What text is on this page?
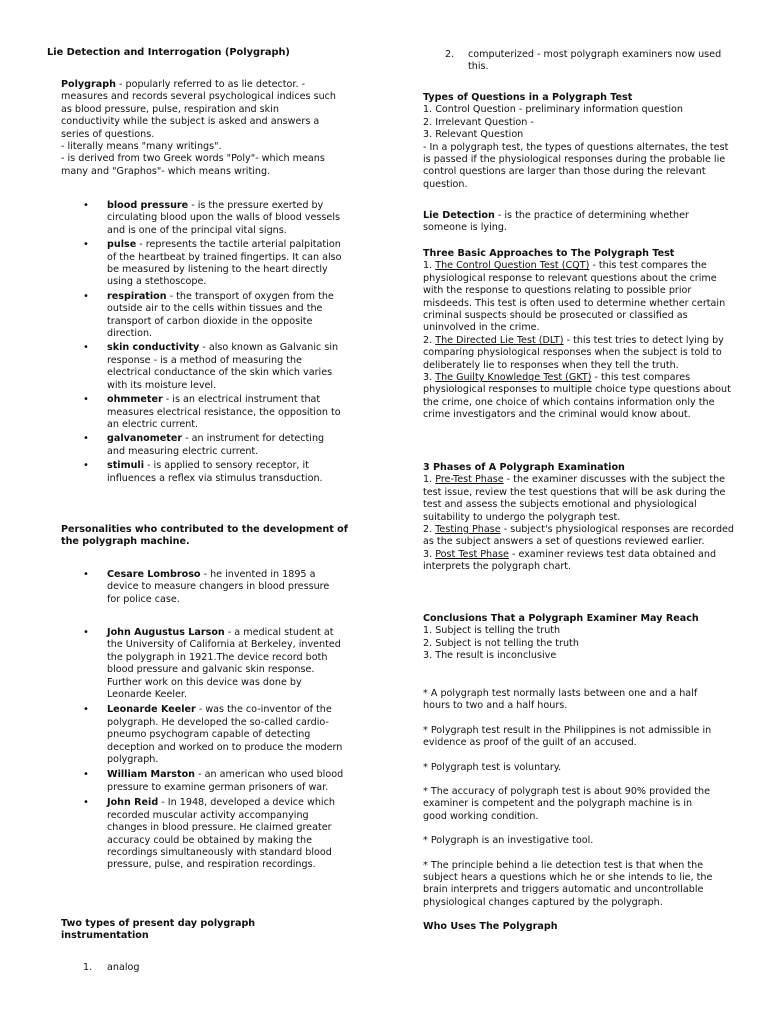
Lie Detection and Interrogation (Polygraph)

Polygraph - popularly referred to as lie detector. - measures and records several psychological indices such as blood pressure, pulse, respiration and skin conductivity while the subject is asked and answers a series of questions.

- literally means "many writings".

- is derived from two Greek words "Poly"- which means many and "Graphos"- which means writing.

• blood pressure - is the pressure exerted by circulating blood upon the walls of blood vessels and is one of the principal vital signs.
• pulse - represents the tactile arterial palpitation of the heartbeat by trained fingertips. It can also be measured by listening to the heart directly using a stethoscope.
• respiration - the transport of oxygen from the outside air to the cells within tissues and the transport of carbon dioxide in the opposite direction.
• skin conductivity - also known as Galvanic sin response - is a method of measuring the electrical conductance of the skin which varies with its moisture level.
• ohmmeter - is an electrical instrument that measures electrical resistance, the opposition to an electric current.
• galvanometer - an instrument for detecting and measuring electric current.
• stimuli - is applied to sensory receptor, it influences a reflex via stimulus transduction.
Personalities who contributed to the development of the polygraph machine.
• Cesare Lombroso - he invented in 1895 a device to measure changers in blood pressure for police case.
• John Augustus Larson - a medical student at the University of California at Berkeley, invented the polygraph in 1921.The device record both blood pressure and galvanic skin response. Further work on this device was done by Leonarde Keeler.
• Leonarde Keeler - was the co-inventor of the polygraph. He developed the so-called cardio-pneumo psychogram capable of detecting deception and worked on to produce the modern polygraph.
• William Marston - an american who used blood pressure to examine german prisoners of war.
• John Reid - In 1948, developed a device which recorded muscular activity accompanying changes in blood pressure. He claimed greater accuracy could be obtained by making the recordings simultaneously with standard blood pressure, pulse, and respiration recordings.
Two types of present day polygraph instrumentation
1. analog
2. computerized - most polygraph examiners now used this.

Types of Questions in a Polygraph Test

1. Control Question - preliminary information question

2. Irrelevant Question -

3. Relevant Question

- In a polygraph test, the types of questions alternates, the test is passed if the physiological responses during the probable lie control questions are larger than those during the relevant question.

Lie Detection - is the practice of determining whether someone is lying.

Three Basic Approaches to The Polygraph Test

1. The Control Question Test (CQT) - this test compares the physiological response to relevant questions about the crime with the response to questions relating to possible prior misdeeds. This test is often used to determine whether certain criminal suspects should be prosecuted or classified as uninvolved in the crime.

2. The Directed Lie Test (DLT) - this test tries to detect lying by comparing physiological responses when the subject is told to deliberately lie to responses when they tell the truth.

3. The Guilty Knowledge Test (GKT) - this test compares physiological responses to multiple choice type questions about the crime, one choice of which contains information only the crime investigators and the criminal would know about.

3 Phases of A Polygraph Examination

1. Pre-Test Phase - the examiner discusses with the subject the test issue, review the test questions that will be ask during the test and assess the subjects emotional and physiological suitability to undergo the polygraph test.

2. Testing Phase - subject's physiological responses are recorded as the subject answers a set of questions reviewed earlier.

3. Post Test Phase - examiner reviews test data obtained and interprets the polygraph chart.

Conclusions That a Polygraph Examiner May Reach

1. Subject is telling the truth

2. Subject is not telling the truth

3. The result is inconclusive

* A polygraph test normally lasts between one and a half hours to two and a half hours.

* Polygraph test result in the Philippines is not admissible in evidence as proof of the guilt of an accused.

* Polygraph test is voluntary.

* The accuracy of polygraph test is about 90% provided the examiner is competent and the polygraph machine is in good working condition.

* Polygraph is an investigative tool.

* The principle behind a lie detection test is that when the subject hears a questions which he or she intends to lie, the brain interprets and triggers automatic and uncontrollable physiological changes captured by the polygraph.

Who Uses The Polygraph
